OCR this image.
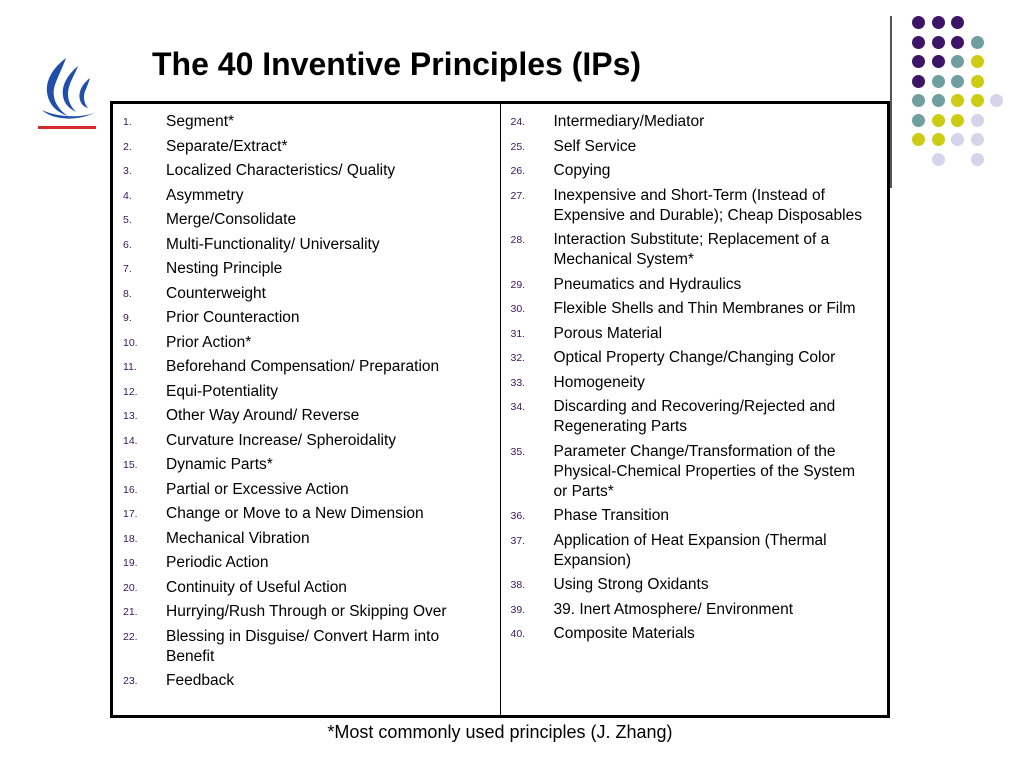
The 40 Inventive Principles (IPs)
1.	Segment*
2.	Separate/Extract*
3.	Localized Characteristics/ Quality
4.	Asymmetry
5.	Merge/Consolidate
6.	Multi-Functionality/ Universality
7.	Nesting Principle
8.	Counterweight
9.	Prior Counteraction
10.	Prior Action*
11.	Beforehand Compensation/ Preparation
12.	Equi-Potentiality
13.	Other Way Around/ Reverse
14.	Curvature Increase/ Spheroidality
15.	Dynamic Parts*
16.	Partial or Excessive Action
17.	Change or Move to a New Dimension
18.	Mechanical Vibration
19.	Periodic Action
20.	Continuity of Useful Action
21.	Hurrying/Rush Through or Skipping Over
22.	Blessing in Disguise/ Convert Harm into Benefit
23.	Feedback
24.	Intermediary/Mediator
25.	Self Service
26.	Copying
27.	Inexpensive and Short-Term (Instead of Expensive and Durable); Cheap Disposables
28.	Interaction Substitute; Replacement of a Mechanical System*
29.	Pneumatics and Hydraulics
30.	Flexible Shells and Thin Membranes or Film
31.	Porous Material
32.	Optical Property Change/Changing Color
33.	Homogeneity
34.	Discarding and Recovering/Rejected and Regenerating Parts
35.	Parameter Change/Transformation of the Physical-Chemical Properties of the System or Parts*
36.	Phase Transition
37.	Application of Heat Expansion (Thermal Expansion)
38.	Using Strong Oxidants
39.	39. Inert Atmosphere/ Environment
40.	Composite Materials
*Most commonly used principles (J. Zhang)
